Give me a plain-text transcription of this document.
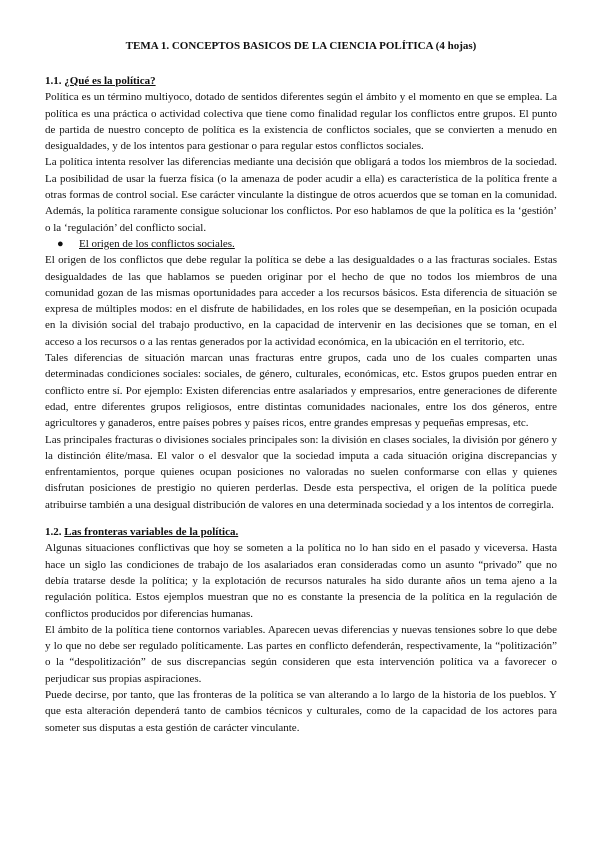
TEMA 1. CONCEPTOS BASICOS DE LA CIENCIA POLÍTICA (4 hojas)
1.1. ¿Qué es la política?

Política es un término multiyoco, dotado de sentidos diferentes según el ámbito y el momento en que se emplea. La política es una práctica o actividad colectiva que tiene como finalidad regular los conflictos entre grupos. El punto de partida de nuestro concepto de política es la existencia de conflictos sociales, que se convierten a menudo en desigualdades, y de los intentos para gestionar o para regular estos conflictos sociales.

La política intenta resolver las diferencias mediante una decisión que obligará a todos los miembros de la sociedad. La posibilidad de usar la fuerza física (o la amenaza de poder acudir a ella) es característica de la política frente a otras formas de control social. Ese carácter vinculante la distingue de otros acuerdos que se toman en la comunidad. Además, la política raramente consigue solucionar los conflictos. Por eso hablamos de que la política es la ‘gestión’ o la ‘regulación’ del conflicto social.

● El origen de los conflictos sociales.

El origen de los conflictos que debe regular la política se debe a las desigualdades o a las fracturas sociales. Estas desigualdades de las que hablamos se pueden originar por el hecho de que no todos los miembros de una comunidad gozan de las mismas oportunidades para acceder a los recursos básicos. Esta diferencia de situación se expresa de múltiples modos: en el disfrute de habilidades, en los roles que se desempeñan, en la posición ocupada en la división social del trabajo productivo, en la capacidad de intervenir en las decisiones que se toman, en el acceso a los recursos o a las rentas generados por la actividad económica, en la ubicación en el territorio, etc.

Tales diferencias de situación marcan unas fracturas entre grupos, cada uno de los cuales comparten unas determinadas condiciones sociales: sociales, de género, culturales, económicas, etc. Estos grupos pueden entrar en conflicto entre sí. Por ejemplo: Existen diferencias entre asalariados y empresarios, entre generaciones de diferente edad, entre diferentes grupos religiosos, entre distintas comunidades nacionales, entre los dos géneros, entre agricultores y ganaderos, entre países pobres y países ricos, entre grandes empresas y pequeñas empresas, etc.

Las principales fracturas o divisiones sociales principales son: la división en clases sociales, la división por género y la distinción élite/masa. El valor o el desvalor que la sociedad imputa a cada situación origina discrepancias y enfrentamientos, porque quienes ocupan posiciones no valoradas no suelen conformarse con ellas y quienes disfrutan posiciones de prestigio no quieren perderlas. Desde esta perspectiva, el origen de la política puede atribuirse también a una desigual distribución de valores en una determinada sociedad y a los intentos de corregirla.

1.2. Las fronteras variables de la política.

Algunas situaciones conflictivas que hoy se someten a la política no lo han sido en el pasado y viceversa. Hasta hace un siglo las condiciones de trabajo de los asalariados eran consideradas como un asunto “privado” que no debía tratarse desde la política; y la explotación de recursos naturales ha sido durante años un tema ajeno a la regulación política. Estos ejemplos muestran que no es constante la presencia de la política en la regulación de conflictos producidos por diferencias humanas.

El ámbito de la política tiene contornos variables. Aparecen uevas diferencias y nuevas tensiones sobre lo que debe y lo que no debe ser regulado políticamente. Las partes en conflicto defenderán, respectivamente, la “politización” o la “despolitización” de sus discrepancias según consideren que esta intervención política va a favorecer o perjudicar sus propias aspiraciones.

Puede decirse, por tanto, que las fronteras de la política se van alterando a lo largo de la historia de los pueblos. Y que esta alteración dependerá tanto de cambios técnicos y culturales, como de la capacidad de los actores para someter sus disputas a esta gestión de carácter vinculante.
